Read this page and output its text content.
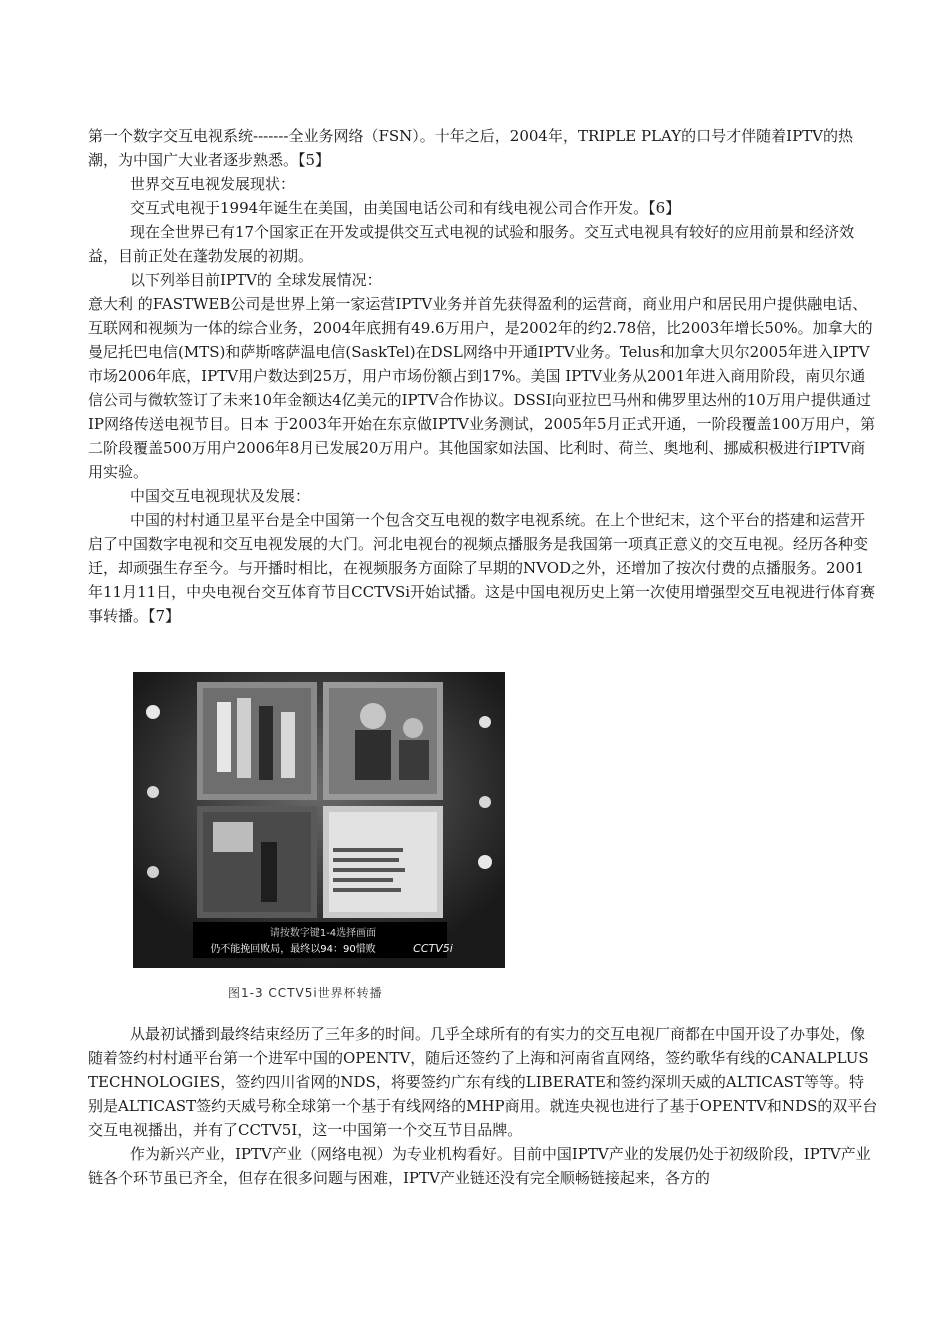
第一个数字交互电视系统-------全业务网络（FSN）。十年之后，2004年，TRIPLE PLAY的口号才伴随着IPTV的热潮，为中国广大业者逐步熟悉。【5】

世界交互电视发展现状：

交互式电视于1994年诞生在美国，由美国电话公司和有线电视公司合作开发。【6】

现在全世界已有17个国家正在开发或提供交互式电视的试验和服务。交互式电视具有较好的应用前景和经济效益，目前正处在蓬勃发展的初期。

以下列举目前IPTV的 全球发展情况：

意大利 的FASTWEB公司是世界上第一家运营IPTV业务并首先获得盈利的运营商，商业用户和居民用户提供融电话、互联网和视频为一体的综合业务，2004年底拥有49.6万用户，是2002年的约2.78倍，比2003年增长50%。加拿大的 曼尼托巴电信(MTS)和萨斯喀萨温电信(SaskTel)在DSL网络中开通IPTV业务。Telus和加拿大贝尔2005年进入IPTV市场2006年底，IPTV用户数达到25万，用户市场份额占到17%。美国 IPTV业务从2001年进入商用阶段，南贝尔通信公司与微软签订了未来10年金额达4亿美元的IPTV合作协议。DSSI向亚拉巴马州和佛罗里达州的10万用户提供通过IP网络传送电视节目。日本 于2003年开始在东京做IPTV业务测试，2005年5月正式开通，一阶段覆盖100万用户，第二阶段覆盖500万用户2006年8月已发展20万用户。其他国家如法国、比利时、荷兰、奥地利、挪威积极进行IPTV商用实验。

中国交互电视现状及发展：

中国的村村通卫星平台是全中国第一个包含交互电视的数字电视系统。在上个世纪末，这个平台的搭建和运营开启了中国数字电视和交互电视发展的大门。河北电视台的视频点播服务是我国第一项真正意义的交互电视。经历各种变迁，却顽强生存至今。与开播时相比，在视频服务方面除了早期的NVOD之外，还增加了按次付费的点播服务。2001年11月11日，中央电视台交互体育节目CCTVSi开始试播。这是中国电视历史上第一次使用增强型交互电视进行体育赛事转播。【7】

请按数字键1-4选择画面
仍不能挽回败局，最终以94：90惜败	CCTV5i
图1-3 CCTV5i世界杯转播

从最初试播到最终结束经历了三年多的时间。几乎全球所有的有实力的交互电视厂商都在中国开设了办事处，像随着签约村村通平台第一个进军中国的OPENTV，随后还签约了上海和河南省直网络，签约歌华有线的CANALPLUS TECHNOLOGIES，签约四川省网的NDS，将要签约广东有线的LIBERATE和签约深圳天威的ALTICAST等等。特别是ALTICAST签约天威号称全球第一个基于有线网络的MHP商用。就连央视也进行了基于OPENTV和NDS的双平台交互电视播出，并有了CCTV5I，这一中国第一个交互节目品牌。

作为新兴产业，IPTV产业（网络电视）为专业机构看好。目前中国IPTV产业的发展仍处于初级阶段，IPTV产业链各个环节虽已齐全，但存在很多问题与困难，IPTV产业链还没有完全顺畅链接起来，各方的
